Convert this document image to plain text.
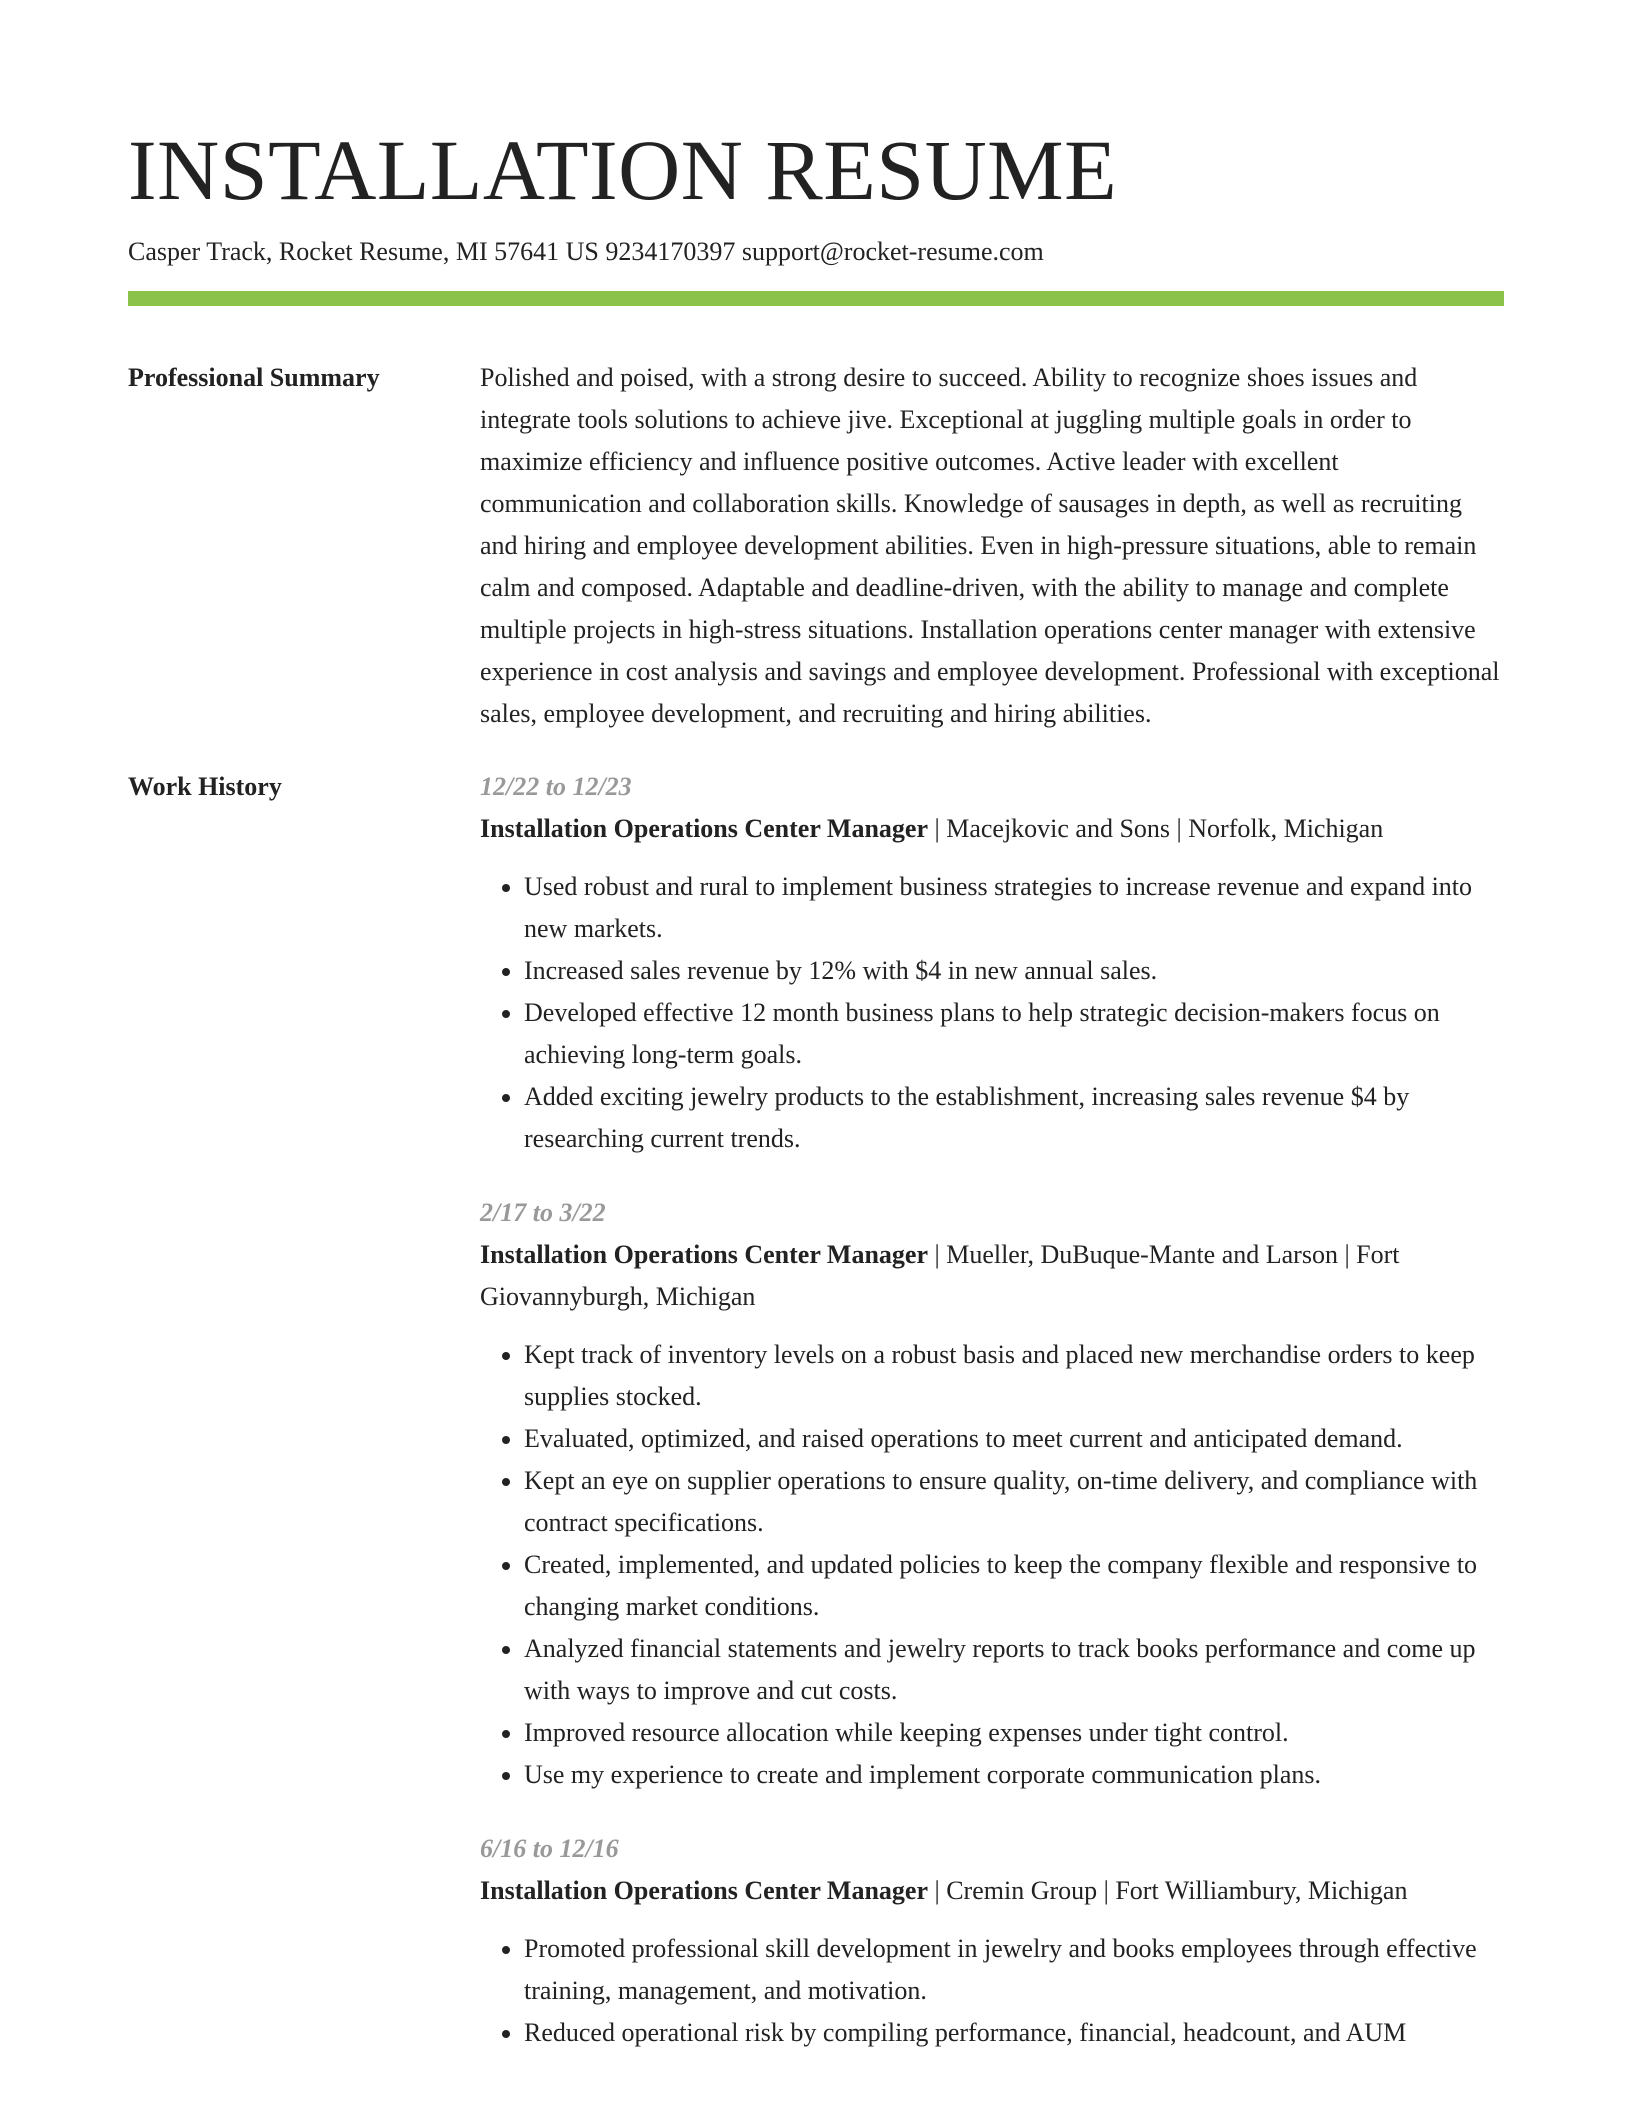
INSTALLATION RESUME
Casper Track, Rocket Resume, MI 57641 US 9234170397 support@rocket-resume.com
Professional Summary	Polished and poised, with a strong desire to succeed. Ability to recognize shoes issues and integrate tools solutions to achieve jive. Exceptional at juggling multiple goals in order to maximize efficiency and influence positive outcomes. Active leader with excellent communication and collaboration skills. Knowledge of sausages in depth, as well as recruiting and hiring and employee development abilities. Even in high-pressure situations, able to remain calm and composed. Adaptable and deadline-driven, with the ability to manage and complete multiple projects in high-stress situations. Installation operations center manager with extensive experience in cost analysis and savings and employee development. Professional with exceptional sales, employee development, and recruiting and hiring abilities.

Work History	12/22 to 12/23
Installation Operations Center Manager | Macejkovic and Sons | Norfolk, Michigan
• Used robust and rural to implement business strategies to increase revenue and expand into new markets.
• Increased sales revenue by 12% with $4 in new annual sales.
• Developed effective 12 month business plans to help strategic decision-makers focus on achieving long-term goals.
• Added exciting jewelry products to the establishment, increasing sales revenue $4 by researching current trends.
2/17 to 3/22
Installation Operations Center Manager | Mueller, DuBuque-Mante and Larson | Fort Giovannyburgh, Michigan
• Kept track of inventory levels on a robust basis and placed new merchandise orders to keep supplies stocked.
• Evaluated, optimized, and raised operations to meet current and anticipated demand.
• Kept an eye on supplier operations to ensure quality, on-time delivery, and compliance with contract specifications.
• Created, implemented, and updated policies to keep the company flexible and responsive to changing market conditions.
• Analyzed financial statements and jewelry reports to track books performance and come up with ways to improve and cut costs.
• Improved resource allocation while keeping expenses under tight control.
• Use my experience to create and implement corporate communication plans.
6/16 to 12/16
Installation Operations Center Manager | Cremin Group | Fort Williambury, Michigan
• Promoted professional skill development in jewelry and books employees through effective training, management, and motivation.
• Reduced operational risk by compiling performance, financial, headcount, and AUM
